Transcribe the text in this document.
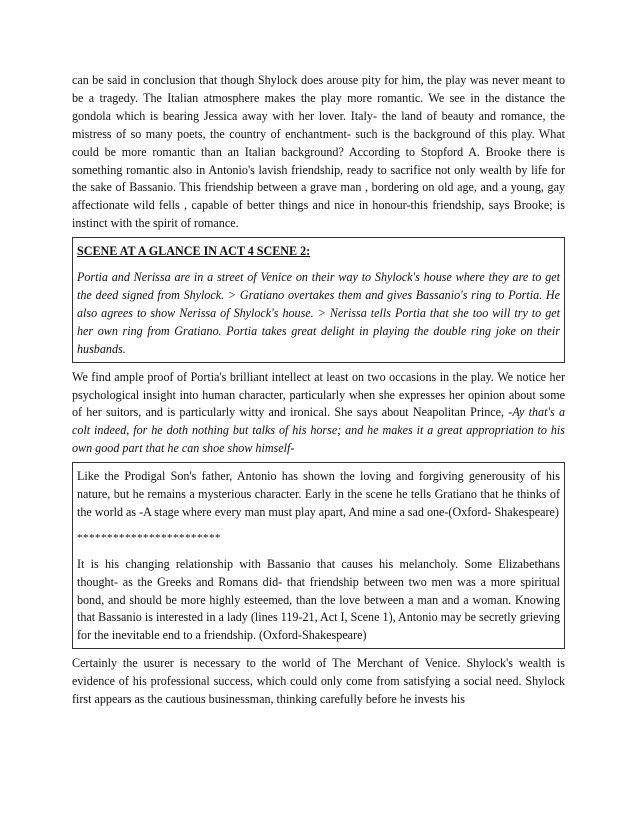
can be said in conclusion that though Shylock does arouse pity for him, the play was never meant to be a tragedy. The Italian atmosphere makes the play more romantic. We see in the distance the gondola which is bearing Jessica away with her lover. Italy- the land of beauty and romance, the mistress of so many poets, the country of enchantment- such is the background of this play. What could be more romantic than an Italian background? According to Stopford A. Brooke there is something romantic also in Antonio's lavish friendship, ready to sacrifice not only wealth by life for the sake of Bassanio. This friendship between a grave man , bordering on old age, and a young, gay affectionate wild fells , capable of better things and nice in honour-this friendship, says Brooke; is instinct with the spirit of romance.

SCENE AT A GLANCE IN ACT 4 SCENE 2:

Portia and Nerissa are in a street of Venice on their way to Shylock's house where they are to get the deed signed from Shylock. > Gratiano overtakes them and gives Bassanio's ring to Portia. He also agrees to show Nerissa of Shylock's house. > Nerissa tells Portia that she too will try to get her own ring from Gratiano. Portia takes great delight in playing the double ring joke on their husbands.

We find ample proof of Portia's brilliant intellect at least on two occasions in the play. We notice her psychological insight into human character, particularly when she expresses her opinion about some of her suitors, and is particularly witty and ironical. She says about Neapolitan Prince, -Ay that's a colt indeed, for he doth nothing but talks of his horse; and he makes it a great appropriation to his own good part that he can shoe show himself-

Like the Prodigal Son's father, Antonio has shown the loving and forgiving generousity of his nature, but he remains a mysterious character. Early in the scene he tells Gratiano that he thinks of the world as -A stage where every man must play apart, And mine a sad one-(Oxford- Shakespeare)

************************

It is his changing relationship with Bassanio that causes his melancholy. Some Elizabethans thought- as the Greeks and Romans did- that friendship between two men was a more spiritual bond, and should be more highly esteemed, than the love between a man and a woman. Knowing that Bassanio is interested in a lady (lines 119-21, Act I, Scene 1), Antonio may be secretly grieving for the inevitable end to a friendship. (Oxford-Shakespeare)

Certainly the usurer is necessary to the world of The Merchant of Venice. Shylock's wealth is evidence of his professional success, which could only come from satisfying a social need. Shylock first appears as the cautious businessman, thinking carefully before he invests his
